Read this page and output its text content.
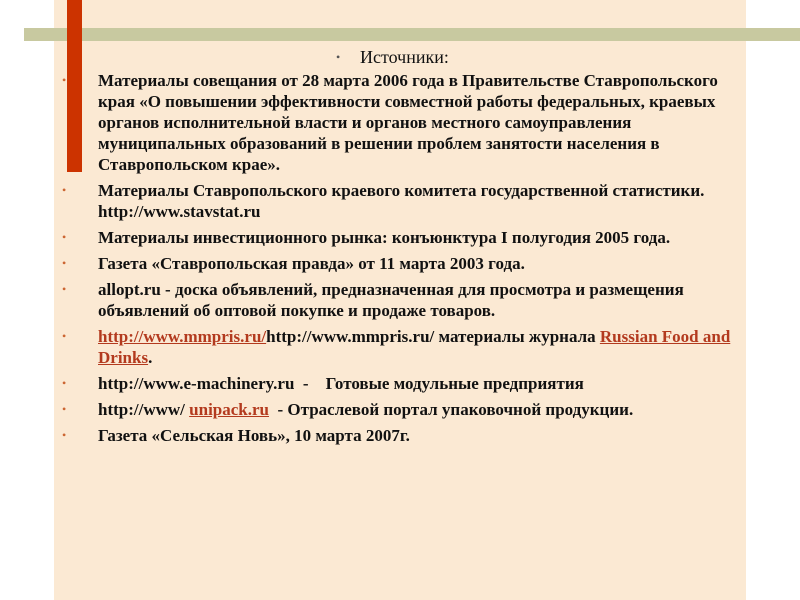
• Источники:
• Материалы совещания от 28 марта 2006 года в Правительстве Ставропольского края «О повышении эффективности совместной работы федеральных, краевых органов исполнительной власти и органов местного самоуправления муниципальных образований в решении проблем занятости населения в Ставропольском крае».
• Материалы Ставропольского краевого комитета государственной статистики. http://www.stavstat.ru
• Материалы инвестиционного рынка: конъюнктура I полугодия 2005 года.
• Газета «Ставропольская правда» от 11 марта 2003 года.
• allopt.ru - доска объявлений, предназначенная для просмотра и размещения объявлений об оптовой покупке и продаже товаров.
• http://www.mmpris.ru/http://www.mmpris.ru/ материалы журнала Russian Food and Drinks.
• http://www.e-machinery.ru  -    Готовые модульные предприятия
• http://www/ unipack.ru  - Отраслевой портал упаковочной продукции.
• Газета «Сельская Новь», 10 марта 2007г.
